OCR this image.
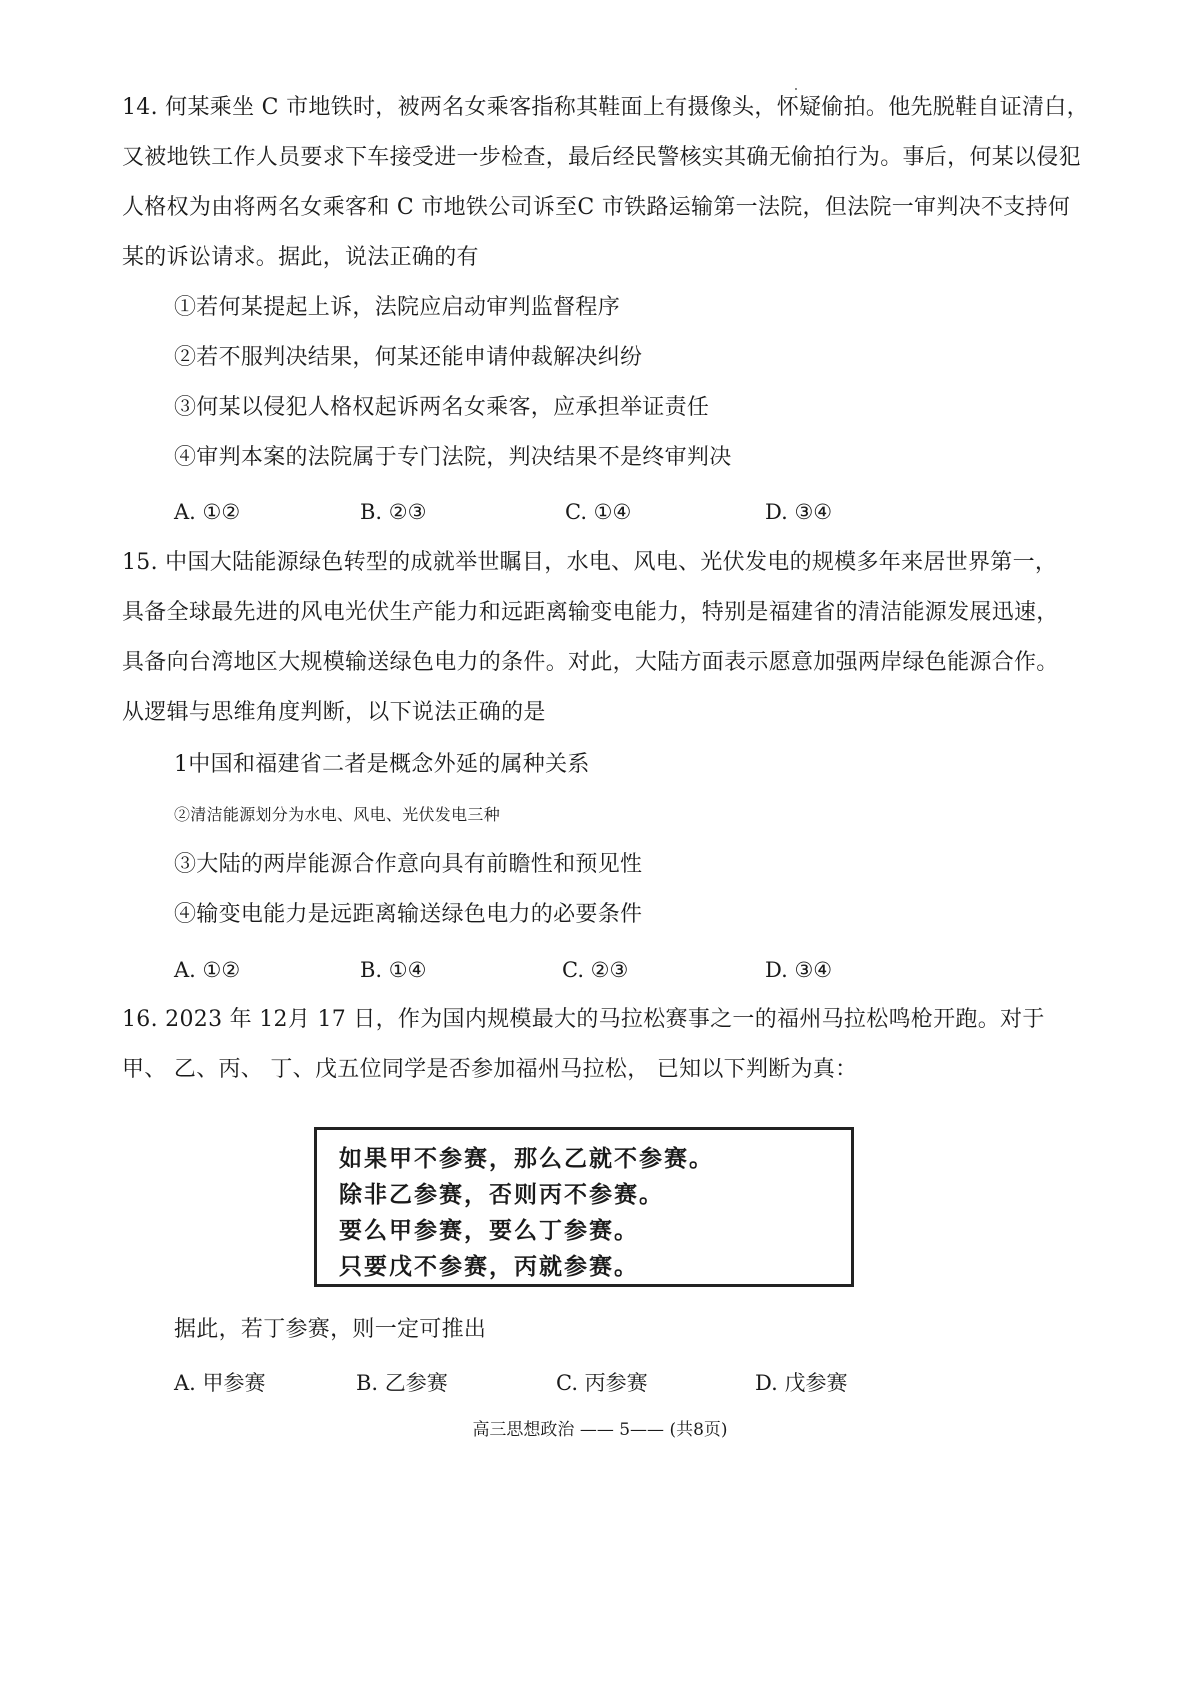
14. 何某乘坐 C 市地铁时，被两名女乘客指称其鞋面上有摄像头，怀疑偷拍。他先脱鞋自证清白，
又被地铁工作人员要求下车接受进一步检查，最后经民警核实其确无偷拍行为。事后，何某以侵犯
人格权为由将两名女乘客和 C 市地铁公司诉至C 市铁路运输第一法院，但法院一审判决不支持何
某的诉讼请求。据此，说法正确的有
①若何某提起上诉，法院应启动审判监督程序
②若不服判决结果，何某还能申请仲裁解决纠纷
③何某以侵犯人格权起诉两名女乘客，应承担举证责任
④审判本案的法院属于专门法院，判决结果不是终审判决
A. ①②	B. ②③	C. ①④	D. ③④
15. 中国大陆能源绿色转型的成就举世瞩目，水电、风电、光伏发电的规模多年来居世界第一，
具备全球最先进的风电光伏生产能力和远距离输变电能力，特别是福建省的清洁能源发展迅速，
具备向台湾地区大规模输送绿色电力的条件。对此，大陆方面表示愿意加强两岸绿色能源合作。
从逻辑与思维角度判断，以下说法正确的是
1中国和福建省二者是概念外延的属种关系
②清洁能源划分为水电、风电、光伏发电三种
③大陆的两岸能源合作意向具有前瞻性和预见性
④输变电能力是远距离输送绿色电力的必要条件
A. ①②	B. ①④	C. ②③	D. ③④
16. 2023 年 12月 17 日，作为国内规模最大的马拉松赛事之一的福州马拉松鸣枪开跑。对于
甲、 乙、丙、 丁、戊五位同学是否参加福州马拉松， 已知以下判断为真：
如果甲不参赛，那么乙就不参赛。
除非乙参赛，否则丙不参赛。
要么甲参赛，要么丁参赛。
只要戊不参赛，丙就参赛。
据此，若丁参赛，则一定可推出
A. 甲参赛	B. 乙参赛	C. 丙参赛	D. 戊参赛
高三思想政治 —— 5—— (共8页)
